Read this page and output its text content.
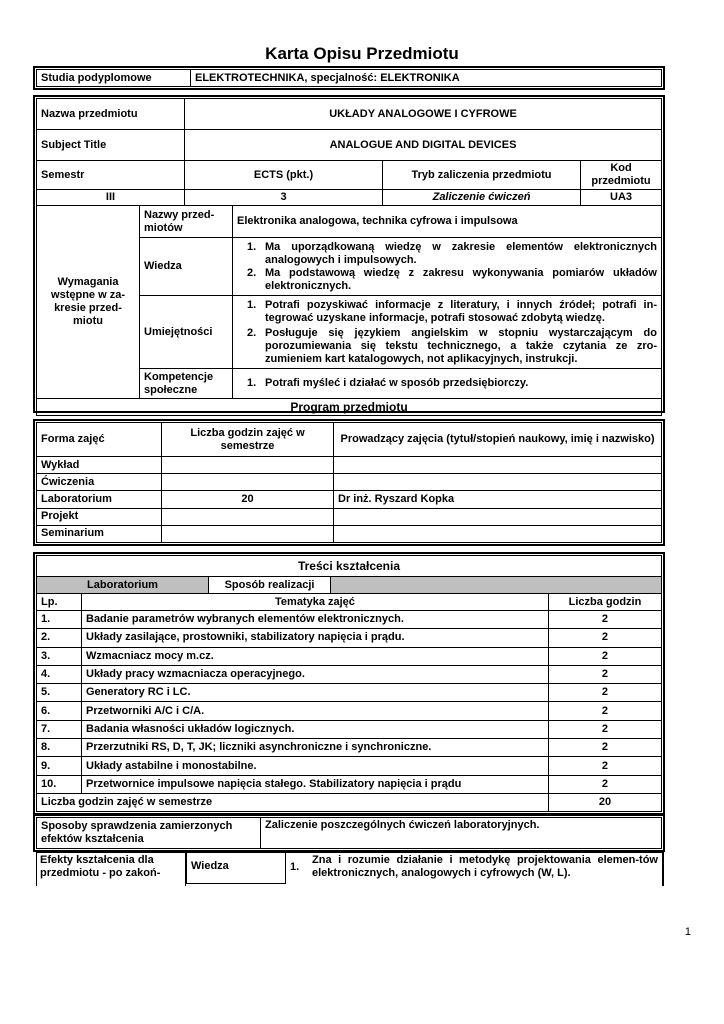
Karta Opisu Przedmiotu
Studia podyplomowe	ELEKTROTECHNIKA, specjalność: ELEKTRONIKA
Nazwa przedmiotu		UKŁADY ANALOGOWE I CYFROWE			
Subject Title		ANALOGUE AND DIGITAL DEVICES			
Semestr		ECTS (pkt.)		Tryb zaliczenia przedmiotu	Kod przedmiotu
III		3		Zaliczenie ćwiczeń	UA3
Wymagania wstępne w za-kresie przed-miotu	Nazwy przed-miotów		Elektronika analogowa, technika cyfrowa i impulsowa		
	Wiedza		1. Ma uporządkowaną wiedzę w zakresie elementów elektronicznych analogowych i impulsowych.
2. Ma podstawową wiedzę z zakresu wykonywania pomiarów układów elektronicznych.		

	Umiejętności		1. Potrafi pozyskiwać informacje z literatury, i innych źródeł; potrafi in-tegrować uzyskane informacje, potrafi stosować zdobytą wiedzę.
2. Posługuje się językiem angielskim w stopniu wystarczającym do porozumiewania się tekstu technicznego, a także czytania ze zro-zumieniem kart katalogowych, not aplikacyjnych, instrukcji.		

	Kompetencje społeczne		1. Potrafi myśleć i działać w sposób przedsiębiorczy.		

Program przedmiotu					
Forma zajęć	Liczba godzin zajęć w semestrze	Prowadzący zajęcia (tytuł/stopień naukowy, imię i nazwisko)
Wykład		
Ćwiczenia		
Laboratorium	20	Dr inż. Ryszard Kopka
Projekt		
Seminarium		
Treści kształcenia				
Laboratorium		Sposób realizacji		
Lp.	Tematyka zajęć			Liczba godzin
1.	Badanie parametrów wybranych elementów elektronicznych.			2
2.	Układy zasilające, prostowniki, stabilizatory napięcia i prądu.			2
3.	Wzmacniacz mocy m.cz.			2
4.	Układy pracy wzmacniacza operacyjnego.			2
5.	Generatory RC i LC.			2
6.	Przetworniki A/C i C/A.			2
7.	Badania własności układów logicznych.			2
8.	Przerzutniki RS, D, T, JK; liczniki asynchroniczne i synchroniczne.			2
9.	Układy astabilne i monostabilne.			2
10.	Przetwornice impulsowe napięcia stałego. Stabilizatory napięcia i prądu			2
Liczba godzin zajęć w semestrze				20
Sposoby sprawdzenia zamierzonych efektów kształcenia	Zaliczenie poszczególnych ćwiczeń laboratoryjnych.
Efekty kształcenia dla przedmiotu - po zakoń-
Wiedza	1.
Zna i rozumie działanie i metodykę projektowania elemen-tów elektronicznych, analogowych i cyfrowych (W, L).
1
